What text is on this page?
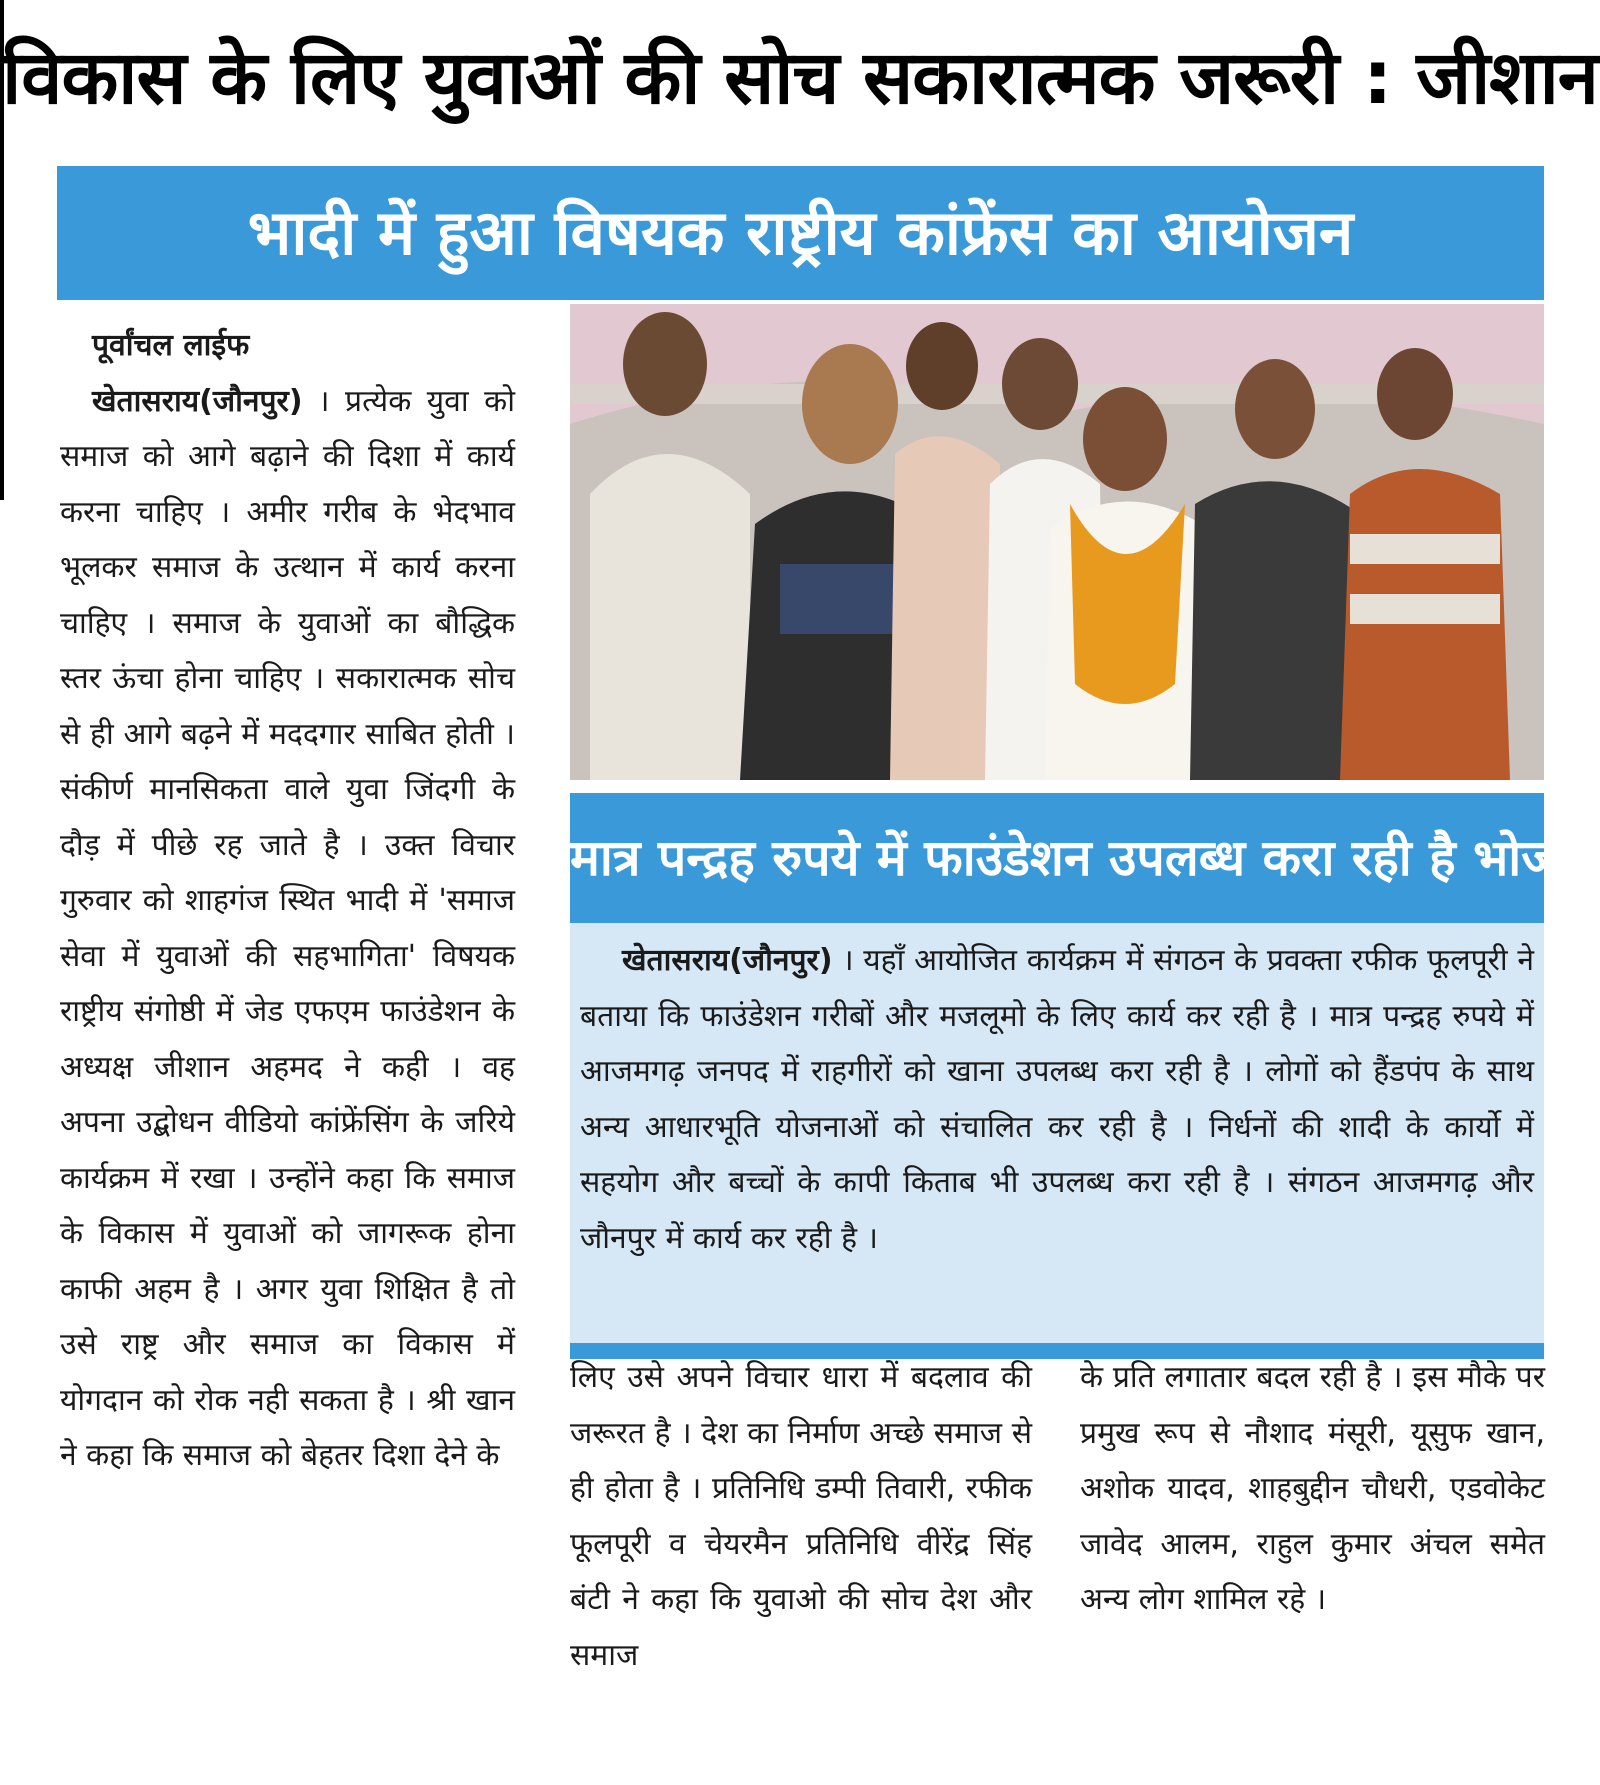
विकास के लिए युवाओं की सोच सकारात्मक जरूरी : जीशान
भादी में हुआ विषयक राष्ट्रीय कांफ्रेंस का आयोजन
पूर्वांचल लाईफ
खेतासराय(जौनपुर) । प्रत्येक युवा को समाज को आगे बढ़ाने की दिशा में कार्य करना चाहिए । अमीर गरीब के भेदभाव भूलकर समाज के उत्थान में कार्य करना चाहिए । समाज के युवाओं का बौद्धिक स्तर ऊंचा होना चाहिए । सकारात्मक सोच से ही आगे बढ़ने में मददगार साबित होती । संकीर्ण मानसिकता वाले युवा जिंदगी के दौड़ में पीछे रह जाते है । उक्त विचार गुरुवार को शाहगंज स्थित भादी में 'समाज सेवा में युवाओं की सहभागिता' विषयक राष्ट्रीय संगोष्ठी में जेड एफएम फाउंडेशन के अध्यक्ष जीशान अहमद ने कही । वह अपना उद्बोधन वीडियो कांफ्रेंसिंग के जरिये कार्यक्रम में रखा । उन्होंने कहा कि समाज के विकास में युवाओं को जागरूक होना काफी अहम है । अगर युवा शिक्षित है तो उसे राष्ट्र और समाज का विकास में योगदान को रोक नही सकता है । श्री खान ने कहा कि समाज को बेहतर दिशा देने के
मात्र पन्द्रह रुपये में फाउंडेशन उपलब्ध करा रही है भोजन
खेतासराय(जौनपुर) । यहाँ आयोजित कार्यक्रम में संगठन के प्रवक्ता रफीक फूलपूरी ने बताया कि फाउंडेशन गरीबों और मजलूमो के लिए कार्य कर रही है । मात्र पन्द्रह रुपये में आजमगढ़ जनपद में राहगीरों को खाना उपलब्ध करा रही है । लोगों को हैंडपंप के साथ अन्य आधारभूति योजनाओं को संचालित कर रही है । निर्धनों की शादी के कार्यो में सहयोग और बच्चों के कापी किताब भी उपलब्ध करा रही है । संगठन आजमगढ़ और जौनपुर में कार्य कर रही है ।
लिए उसे अपने विचार धारा में बदलाव की जरूरत है । देश का निर्माण अच्छे समाज से ही होता है । प्रतिनिधि डम्पी तिवारी, रफीक फूलपूरी व चेयरमैन प्रतिनिधि वीरेंद्र सिंह बंटी ने कहा कि युवाओ की सोच देश और समाज
के प्रति लगातार बदल रही है । इस मौके पर प्रमुख रूप से नौशाद मंसूरी, यूसुफ खान, अशोक यादव, शाहबुद्दीन चौधरी, एडवोकेट जावेद आलम, राहुल कुमार अंचल समेत अन्य लोग शामिल रहे ।
